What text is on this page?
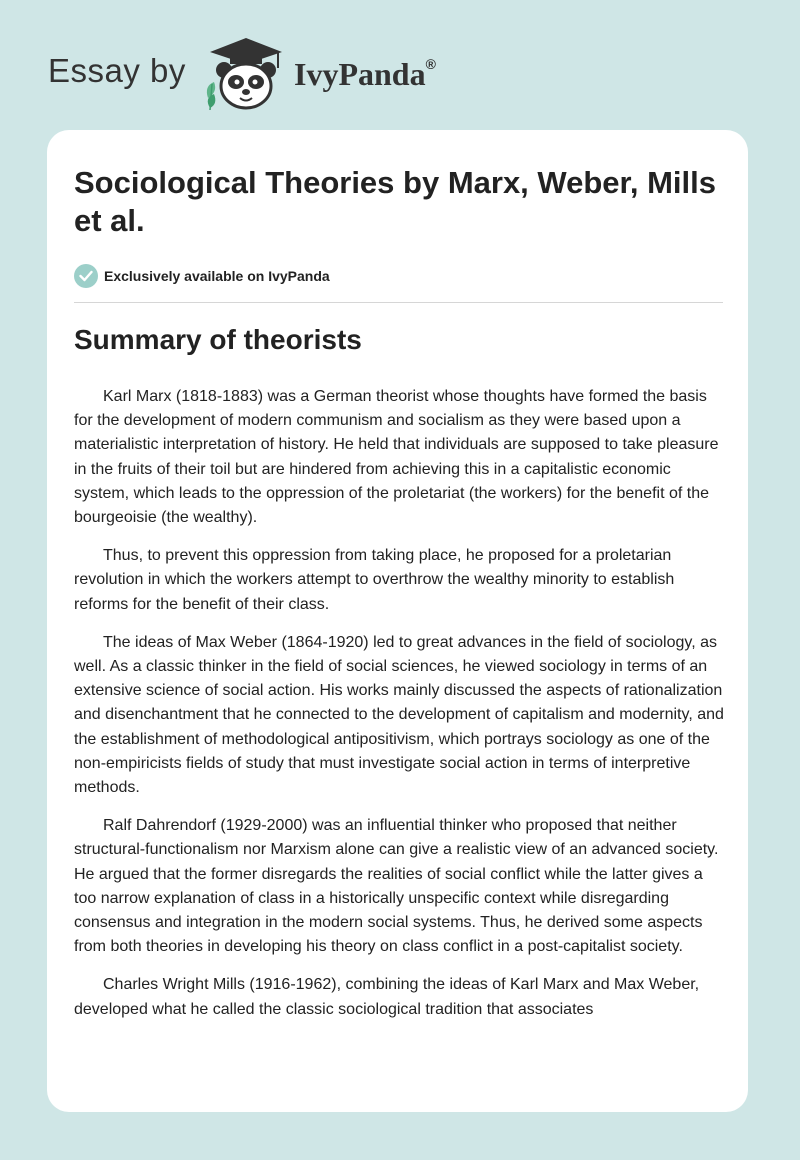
Essay by	IvyPanda®
Sociological Theories by Marx, Weber, Mills et al.
Exclusively available on IvyPanda
Summary of theorists

Karl Marx (1818-1883) was a German theorist whose thoughts have formed the basis for the development of modern communism and socialism as they were based upon a materialistic interpretation of history. He held that individuals are supposed to take pleasure in the fruits of their toil but are hindered from achieving this in a capitalistic economic system, which leads to the oppression of the proletariat (the workers) for the benefit of the bourgeoisie (the wealthy).

Thus, to prevent this oppression from taking place, he proposed for a proletarian revolution in which the workers attempt to overthrow the wealthy minority to establish reforms for the benefit of their class.

The ideas of Max Weber (1864-1920) led to great advances in the field of sociology, as well. As a classic thinker in the field of social sciences, he viewed sociology in terms of an extensive science of social action. His works mainly discussed the aspects of rationalization and disenchantment that he connected to the development of capitalism and modernity, and the establishment of methodological antipositivism, which portrays sociology as one of the non-empiricists fields of study that must investigate social action in terms of interpretive methods.

Ralf Dahrendorf (1929-2000) was an influential thinker who proposed that neither structural-functionalism nor Marxism alone can give a realistic view of an advanced society. He argued that the former disregards the realities of social conflict while the latter gives a too narrow explanation of class in a historically unspecific context while disregarding consensus and integration in the modern social systems. Thus, he derived some aspects from both theories in developing his theory on class conflict in a post-capitalist society.

Charles Wright Mills (1916-1962), combining the ideas of Karl Marx and Max Weber, developed what he called the classic sociological tradition that associates
